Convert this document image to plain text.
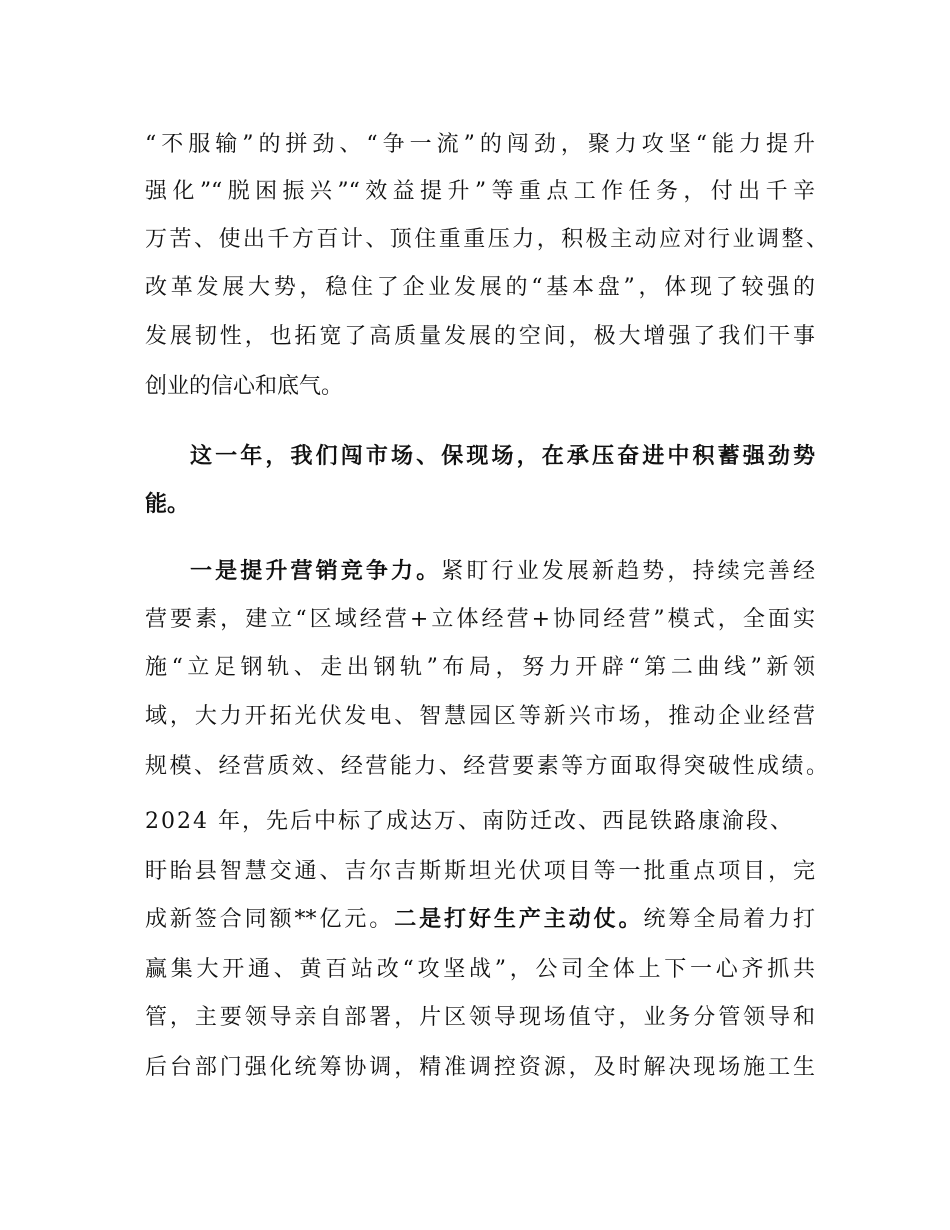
“不服输”的拼劲、“争一流”的闯劲，聚力攻坚“能力提升
强化”“脱困振兴”“效益提升”等重点工作任务，付出千辛
万苦、使出千方百计、顶住重重压力，积极主动应对行业调整、
改革发展大势，稳住了企业发展的“基本盘”，体现了较强的
发展韧性，也拓宽了高质量发展的空间，极大增强了我们干事
创业的信心和底气。
这一年，我们闯市场、保现场，在承压奋进中积蓄强劲势
能。
一是提升营销竞争力。紧盯行业发展新趋势，持续完善经
营要素，建立“区域经营+立体经营+协同经营”模式，全面实
施“立足钢轨、走出钢轨”布局，努力开辟“第二曲线”新领
域，大力开拓光伏发电、智慧园区等新兴市场，推动企业经营
规模、经营质效、经营能力、经营要素等方面取得突破性成绩。
2024 年，先后中标了成达万、南防迁改、西昆铁路康渝段、
盱眙县智慧交通、吉尔吉斯斯坦光伏项目等一批重点项目，完
成新签合同额**亿元。二是打好生产主动仗。统筹全局着力打
赢集大开通、黄百站改“攻坚战”，公司全体上下一心齐抓共
管，主要领导亲自部署，片区领导现场值守，业务分管领导和
后台部门强化统筹协调，精准调控资源，及时解决现场施工生
